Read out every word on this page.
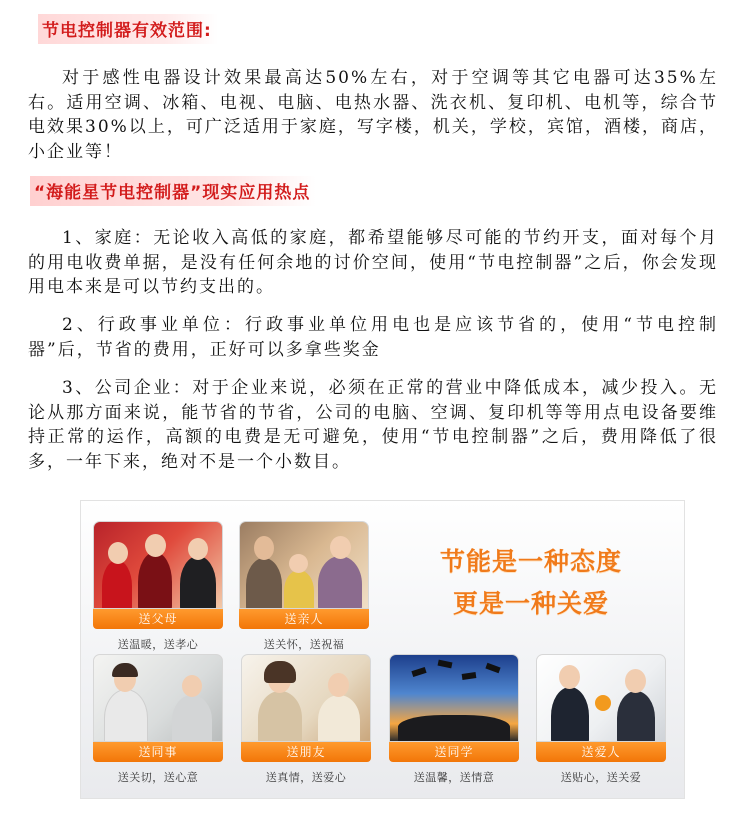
节电控制器有效范围:

对于感性电器设计效果最高达50%左右，对于空调等其它电器可达35%左右。适用空调、冰箱、电视、电脑、电热水器、洗衣机、复印机、电机等，综合节电效果30%以上，可广泛适用于家庭，写字楼，机关，学校，宾馆，酒楼，商店，小企业等！

“海能星节电控制器”现实应用热点

1、家庭：无论收入高低的家庭，都希望能够尽可能的节约开支，面对每个月的用电收费单据，是没有任何余地的讨价空间，使用“节电控制器”之后，你会发现用电本来是可以节约支出的。

2、行政事业单位：行政事业单位用电也是应该节省的，使用“节电控制器”后，节省的费用，正好可以多拿些奖金

3、公司企业：对于企业来说，必须在正常的营业中降低成本，减少投入。无论从那方面来说，能节省的节省，公司的电脑、空调、复印机等等用点电设备要维持正常的运作，高额的电费是无可避免，使用“节电控制器”之后，费用降低了很多，一年下来，绝对不是一个小数目。

节能是一种态度
更是一种关爱
送父母
送温暖，送孝心
送亲人
送关怀，送祝福
送同事
送关切，送心意
送朋友
送真情，送爱心
送同学
送温馨，送情意
送爱人
送贴心，送关爱
